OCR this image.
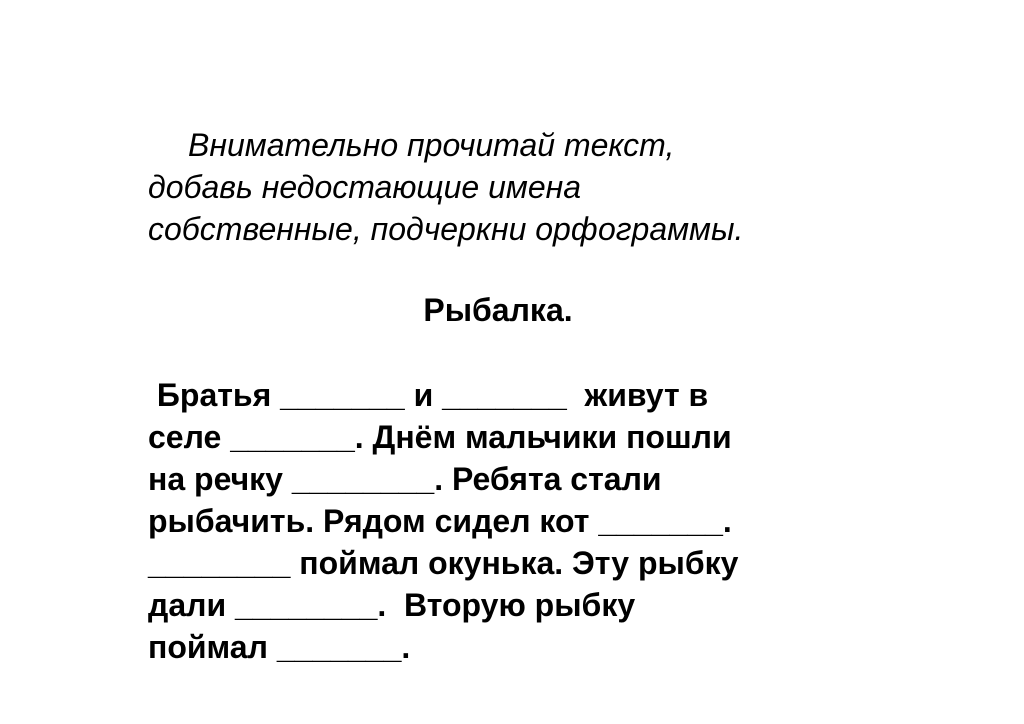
Внимательно прочитай текст,
добавь недостающие имена
собственные, подчеркни орфограммы.
Рыбалка.
Братья _______ и _______  живут в
селе _______. Днём мальчики пошли
на речку ________. Ребята стали
рыбачить. Рядом сидел кот _______.
________ поймал окунька. Эту рыбку
дали ________.  Вторую рыбку
поймал _______.
